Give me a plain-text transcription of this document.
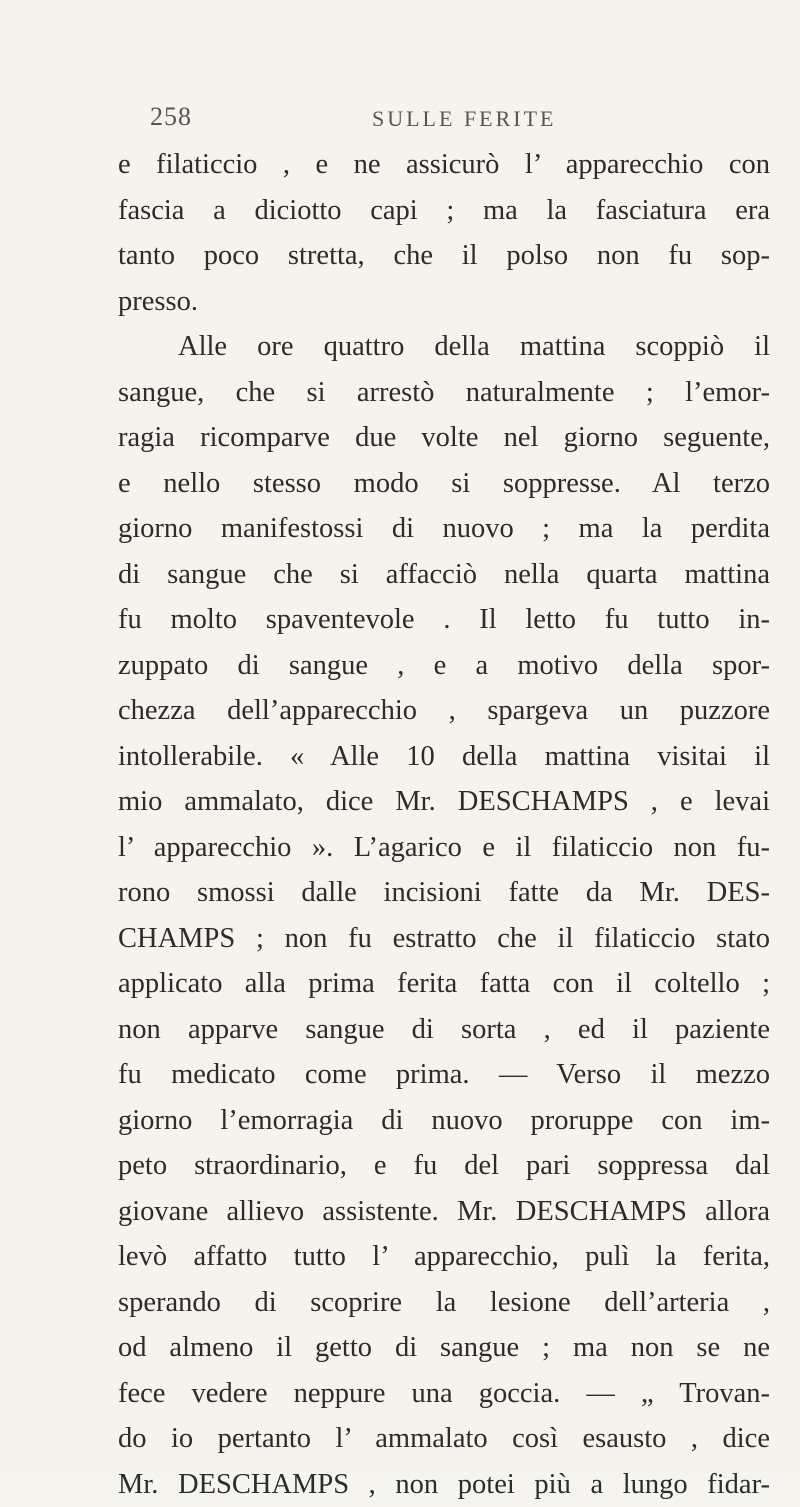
258	SULLE FERITE
e filaticcio , e ne assicurò l’ apparecchio con
fascia a diciotto capi ; ma la fasciatura era
tanto poco stretta, che il polso non fu sop-
presso.
Alle ore quattro della mattina scoppiò il
sangue, che si arrestò naturalmente ; l’emor-
ragia ricomparve due volte nel giorno seguente,
e nello stesso modo si soppresse. Al terzo
giorno manifestossi di nuovo ; ma la perdita
di sangue che si affacciò nella quarta mattina
fu molto spaventevole . Il letto fu tutto in-
zuppato di sangue , e a motivo della spor-
chezza dell’apparecchio , spargeva un puzzore
intollerabile. « Alle 10 della mattina visitai il
mio ammalato, dice Mr. DESCHAMPS , e levai
l’ apparecchio ». L’agarico e il filaticcio non fu-
rono smossi dalle incisioni fatte da Mr. DES-
CHAMPS ; non fu estratto che il filaticcio stato
applicato alla prima ferita fatta con il coltello ;
non apparve sangue di sorta , ed il paziente
fu medicato come prima. — Verso il mezzo
giorno l’emorragia di nuovo proruppe con im-
peto straordinario, e fu del pari soppressa dal
giovane allievo assistente. Mr. DESCHAMPS allora
levò affatto tutto l’ apparecchio, pulì la ferita,
sperando di scoprire la lesione dell’arteria ,
od almeno il getto di sangue ; ma non se ne
fece vedere neppure una goccia. — „ Trovan-
do io pertanto l’ ammalato così esausto , dice
Mr. DESCHAMPS , non potei più a lungo fidar-
